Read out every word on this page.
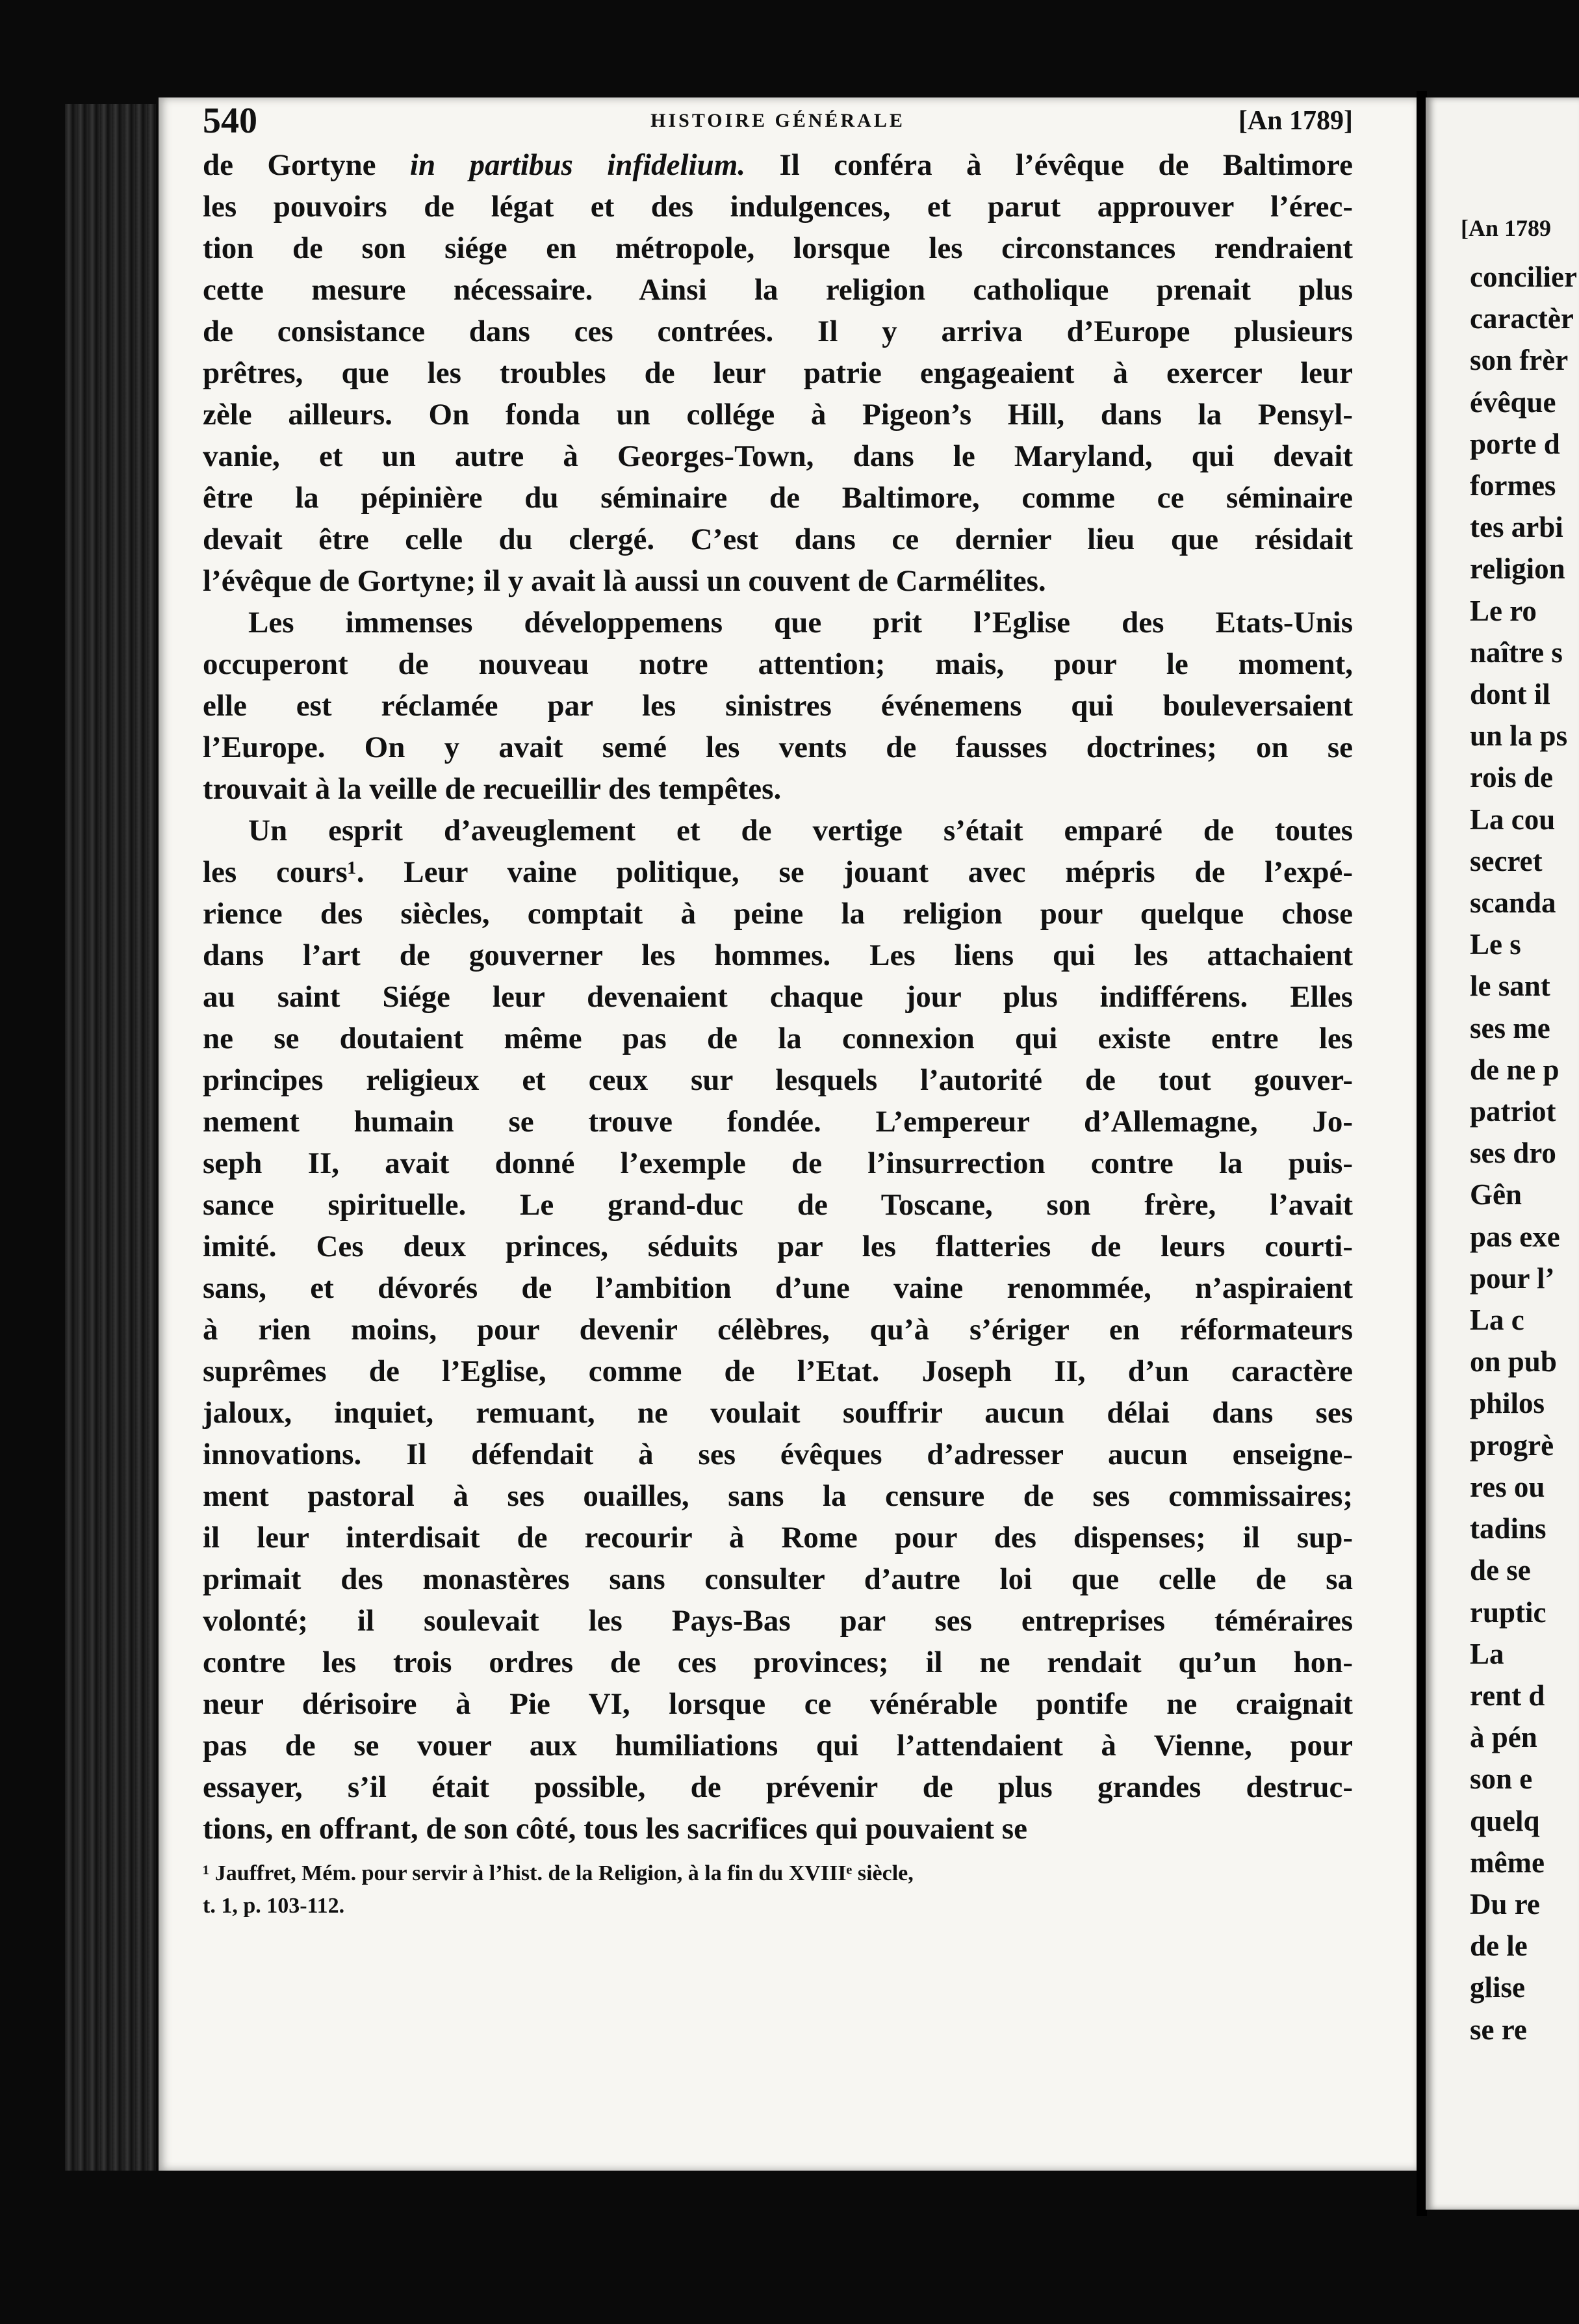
540	HISTOIRE GÉNÉRALE	[An 1789]
de Gortyne in partibus infidelium. Il conféra à l’évêque de Baltimore
les pouvoirs de légat et des indulgences, et parut approuver l’érec-
tion de son siége en métropole, lorsque les circonstances rendraient
cette mesure nécessaire. Ainsi la religion catholique prenait plus
de consistance dans ces contrées. Il y arriva d’Europe plusieurs
prêtres, que les troubles de leur patrie engageaient à exercer leur
zèle ailleurs. On fonda un collége à Pigeon’s Hill, dans la Pensyl-
vanie, et un autre à Georges-Town, dans le Maryland, qui devait
être la pépinière du séminaire de Baltimore, comme ce séminaire
devait être celle du clergé. C’est dans ce dernier lieu que résidait
l’évêque de Gortyne; il y avait là aussi un couvent de Carmélites.
Les immenses développemens que prit l’Eglise des Etats-Unis
occuperont de nouveau notre attention; mais, pour le moment,
elle est réclamée par les sinistres événemens qui bouleversaient
l’Europe. On y avait semé les vents de fausses doctrines; on se
trouvait à la veille de recueillir des tempêtes.
Un esprit d’aveuglement et de vertige s’était emparé de toutes
les cours¹. Leur vaine politique, se jouant avec mépris de l’expé-
rience des siècles, comptait à peine la religion pour quelque chose
dans l’art de gouverner les hommes. Les liens qui les attachaient
au saint Siége leur devenaient chaque jour plus indifférens. Elles
ne se doutaient même pas de la connexion qui existe entre les
principes religieux et ceux sur lesquels l’autorité de tout gouver-
nement humain se trouve fondée. L’empereur d’Allemagne, Jo-
seph II, avait donné l’exemple de l’insurrection contre la puis-
sance spirituelle. Le grand-duc de Toscane, son frère, l’avait
imité. Ces deux princes, séduits par les flatteries de leurs courti-
sans, et dévorés de l’ambition d’une vaine renommée, n’aspiraient
à rien moins, pour devenir célèbres, qu’à s’ériger en réformateurs
suprêmes de l’Eglise, comme de l’Etat. Joseph II, d’un caractère
jaloux, inquiet, remuant, ne voulait souffrir aucun délai dans ses
innovations. Il défendait à ses évêques d’adresser aucun enseigne-
ment pastoral à ses ouailles, sans la censure de ses commissaires;
il leur interdisait de recourir à Rome pour des dispenses; il sup-
primait des monastères sans consulter d’autre loi que celle de sa
volonté; il soulevait les Pays-Bas par ses entreprises téméraires
contre les trois ordres de ces provinces; il ne rendait qu’un hon-
neur dérisoire à Pie VI, lorsque ce vénérable pontife ne craignait
pas de se vouer aux humiliations qui l’attendaient à Vienne, pour
essayer, s’il était possible, de prévenir de plus grandes destruc-
tions, en offrant, de son côté, tous les sacrifices qui pouvaient se
¹ Jauffret, Mém. pour servir à l’hist. de la Religion, à la fin du XVIIIᵉ siècle,
t. 1, p. 103-112.
[An 1789
concilier
caractèr
son frèr
évêque
porte d
formes
tes arbi
religion
Le ro
naître s
dont il
un la ps
rois de
La cou
secret
scanda
Le s
le sant
ses me
de ne p
patriot
ses dro
Gên
pas exe
pour l’
La c
on pub
philos
progrè
res ou
tadins
de se
ruptic
La
rent d
à pén
son e
quelq
même
Du re
de le
glise
se re
